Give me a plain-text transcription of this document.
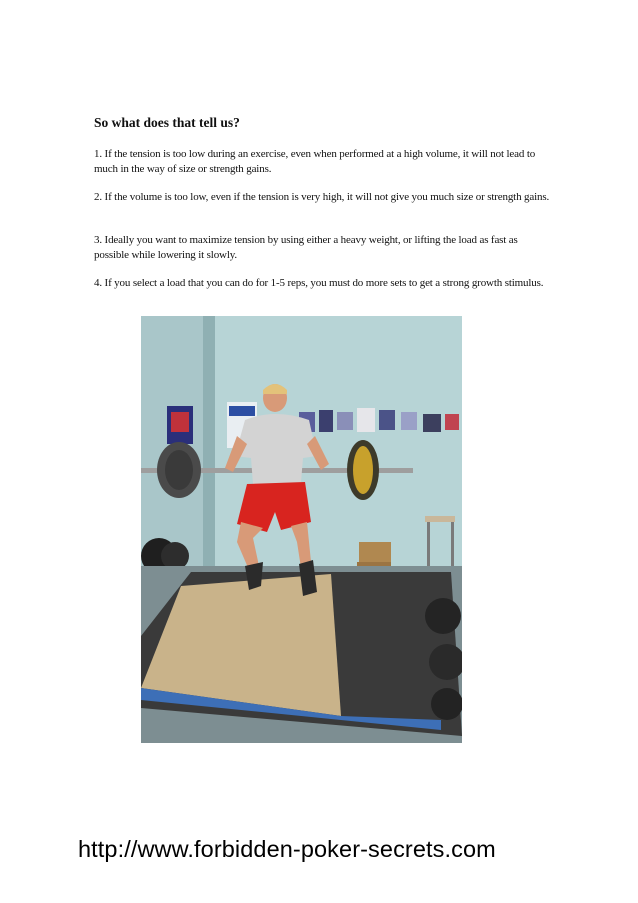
So what does that tell us?

1. If the tension is too low during an exercise, even when performed at a high volume, it will not lead to much in the way of size or strength gains.

2. If the volume is too low, even if the tension is very high, it will not give you much size or strength gains.

3. Ideally you want to maximize tension by using either a heavy weight, or lifting the load as fast as possible while lowering it slowly.

4. If you select a load that you can do for 1-5 reps, you must do more sets to get a strong growth stimulus.

http://www.forbidden-poker-secrets.com
